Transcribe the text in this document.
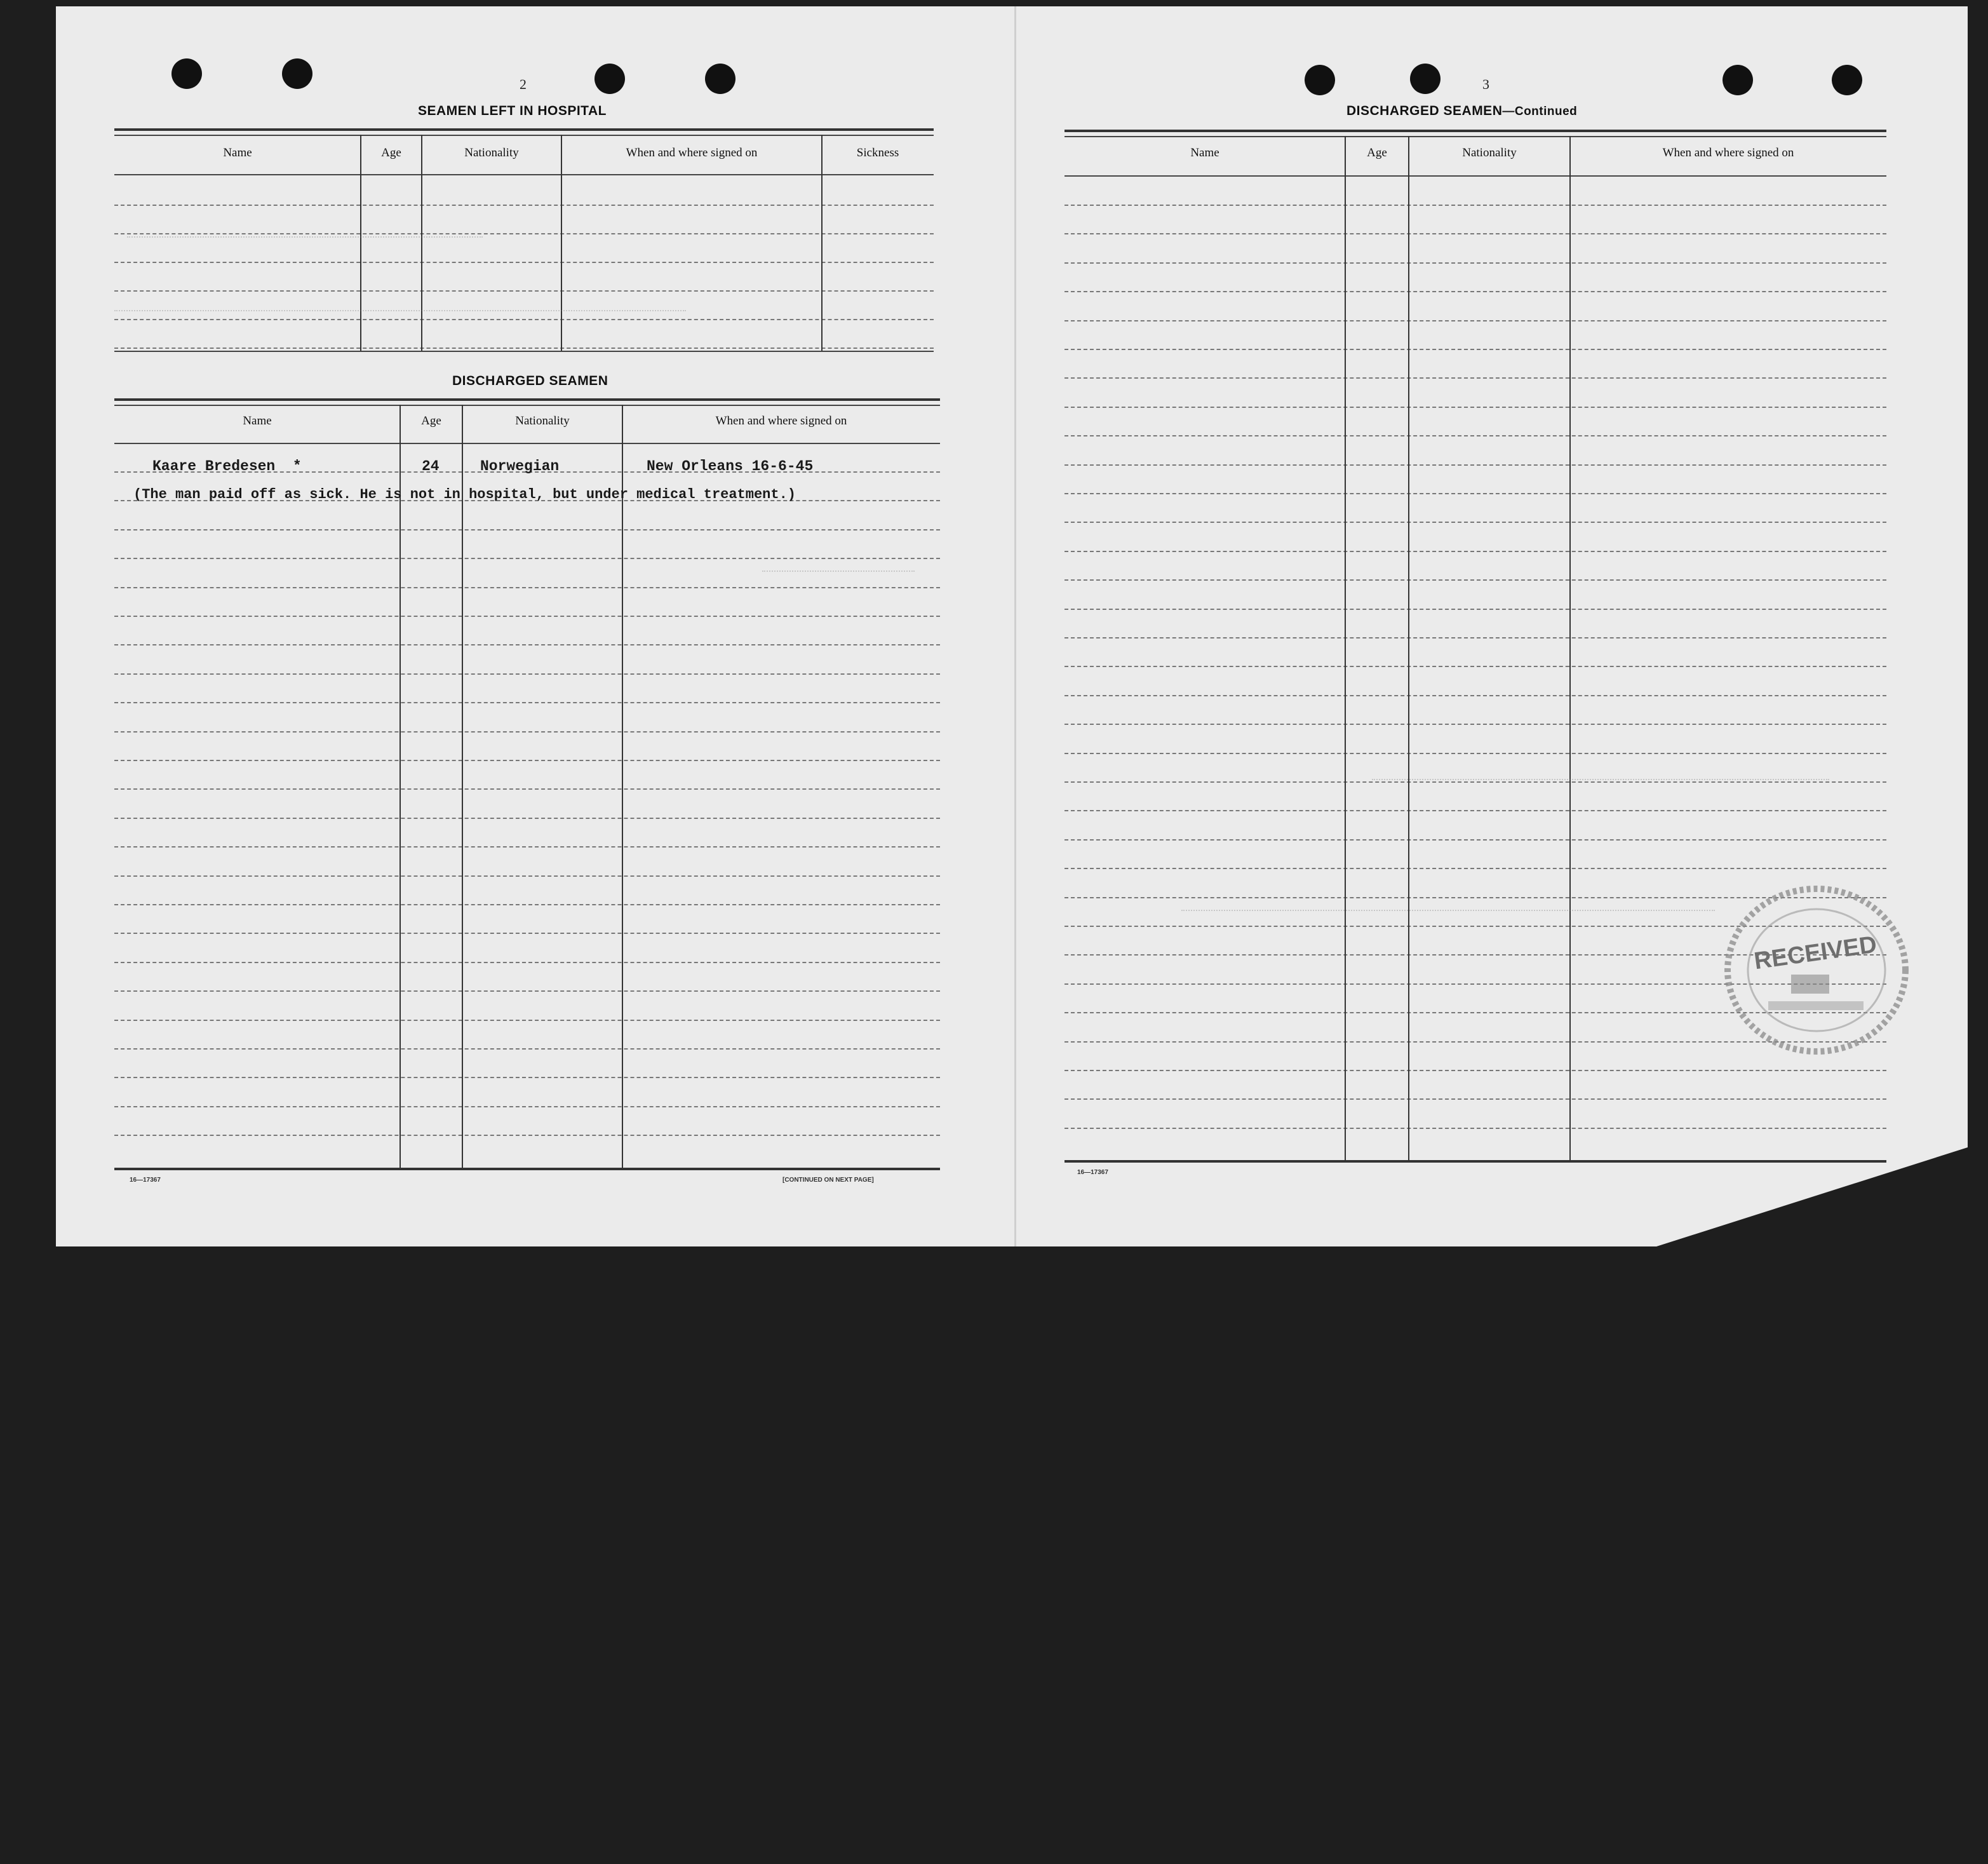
2
SEAMEN LEFT IN HOSPITAL
Name	Age	Nationality	When and where signed on	Sickness
DISCHARGED SEAMEN
Name	Age	Nationality	When and where signed on
Kaare Bredesen  *	24	Norwegian	New Orleans 16-6-45
(The man paid off as sick. He is not in hospital, but under medical treatment.)
16—17367	[CONTINUED ON NEXT PAGE]
3
DISCHARGED SEAMEN—Continued
Name	Age	Nationality	When and where signed on
16—17367
RECEIVED
